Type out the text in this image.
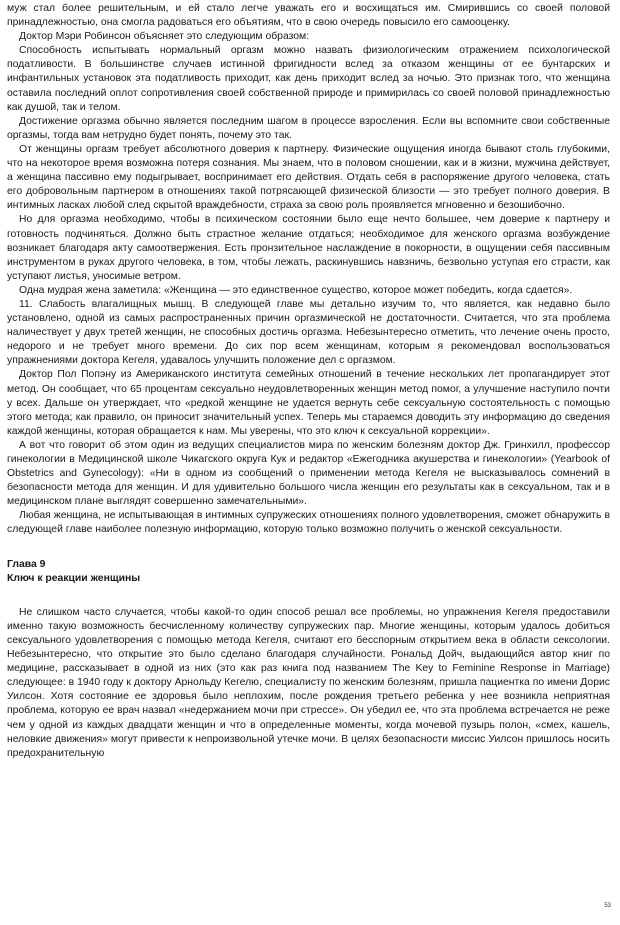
муж стал более решительным, и ей стало легче уважать его и восхищаться им. Смирившись со своей половой принадлежностью, она смогла радоваться его объятиям, что в свою очередь повысило его самооценку.

Доктор Мэри Робинсон объясняет это следующим образом:

Способность испытывать нормальный оргазм можно назвать физиологическим отражением психологической податливости. В большинстве случаев истинной фригидности вслед за отказом женщины от ее бунтарских и инфантильных установок эта податливость приходит, как день приходит вслед за ночью. Это признак того, что женщина оставила последний оплот сопротивления своей собственной природе и примирилась со своей половой принадлежностью как душой, так и телом.

Достижение оргазма обычно является последним шагом в процессе взросления. Если вы вспомните свои собственные оргазмы, тогда вам нетрудно будет понять, почему это так.

От женщины оргазм требует абсолютного доверия к партнеру. Физические ощущения иногда бывают столь глубокими, что на некоторое время возможна потеря сознания. Мы знаем, что в половом сношении, как и в жизни, мужчина действует, а женщина пассивно ему подыгрывает, воспринимает его действия. Отдать себя в распоряжение другого человека, стать его добровольным партнером в отношениях такой потрясающей физической близости — это требует полного доверия. В интимных ласках любой след скрытой враждебности, страха за свою роль проявляется мгновенно и безошибочно.

Но для оргазма необходимо, чтобы в психическом состоянии было еще нечто большее, чем доверие к партнеру и готовность подчиняться. Должно быть страстное желание отдаться; необходимое для женского оргазма возбуждение возникает благодаря акту самоотвержения. Есть пронзительное наслаждение в покорности, в ощущении себя пассивным инструментом в руках другого человека, в том, чтобы лежать, раскинувшись навзничь, безвольно уступая его страсти, как уступают листья, уносимые ветром.

Одна мудрая жена заметила: «Женщина — это единственное существо, которое может победить, когда сдается».

11. Слабость влагалищных мышц. В следующей главе мы детально изучим то, что является, как недавно было установлено, одной из самых распространенных причин оргазмической не достаточности. Считается, что эта проблема наличествует у двух третей женщин, не способных достичь оргазма. Небезынтересно отметить, что лечение очень просто, недорого и не требует много времени. До сих пор всем женщинам, которым я рекомендовал воспользоваться упражнениями доктора Кегеля, удавалось улучшить положение дел с оргазмом.

Доктор Пол Попэну из Американского института семейных отношений в течение нескольких лет пропагандирует этот метод. Он сообщает, что 65 процентам сексуально неудовлетворенных женщин метод помог, а улучшение наступило почти у всех. Дальше он утверждает, что «редкой женщине не удается вернуть себе сексуальную состоятельность с помощью этого метода; как правило, он приносит значительный успех. Теперь мы стараемся доводить эту информацию до сведения каждой женщины, которая обращается к нам. Мы уверены, что это ключ к сексуальной коррекции».

А вот что говорит об этом один из ведущих специалистов мира по женским болезням доктор Дж. Гринхилл, профессор гинекологии в Медицинской школе Чикагского округа Кук и редактор «Ежегодника акушерства и гинекологии» (Yearbook of Obstetrics and Gynecology): «Ни в одном из сообщений о применении метода Кегеля не высказывалось сомнений в безопасности метода для женщин. И для удивительно большого числа женщин его результаты как в сексуальном, так и в медицинском плане выглядят совершенно замечательными».

Любая женщина, не испытывающая в интимных супружеских отношениях полного удовлетворения, сможет обнаружить в следующей главе наиболее полезную информацию, которую только возможно получить о женской сексуальности.

Глава 9
Ключ к реакции женщины

Не слишком часто случается, чтобы какой-то один способ решал все проблемы, но упражнения Кегеля предоставили именно такую возможность бесчисленному количеству супружеских пар. Многие женщины, которым удалось добиться сексуального удовлетворения с помощью метода Кегеля, считают его бесспорным открытием века в области сексологии. Небезынтересно, что открытие это было сделано благодаря случайности. Рональд Дойч, выдающийся автор книг по медицине, рассказывает в одной из них (это как раз книга под названием The Key to Feminine Response in Marriage) следующее: в 1940 году к доктору Арнольду Кегелю, специалисту по женским болезням, пришла пациентка по имени Дорис Уилсон. Хотя состояние ее здоровья было неплохим, после рождения третьего ребенка у нее возникла неприятная проблема, которую ее врач назвал «недержанием мочи при стрессе». Он убедил ее, что эта проблема встречается не реже чем у одной из каждых двадцати женщин и что в определенные моменты, когда мочевой пузырь полон, «смех, кашель, неловкие движения» могут привести к непроизвольной утечке мочи. В целях безопасности миссис Уилсон пришлось носить предохранительную

53
